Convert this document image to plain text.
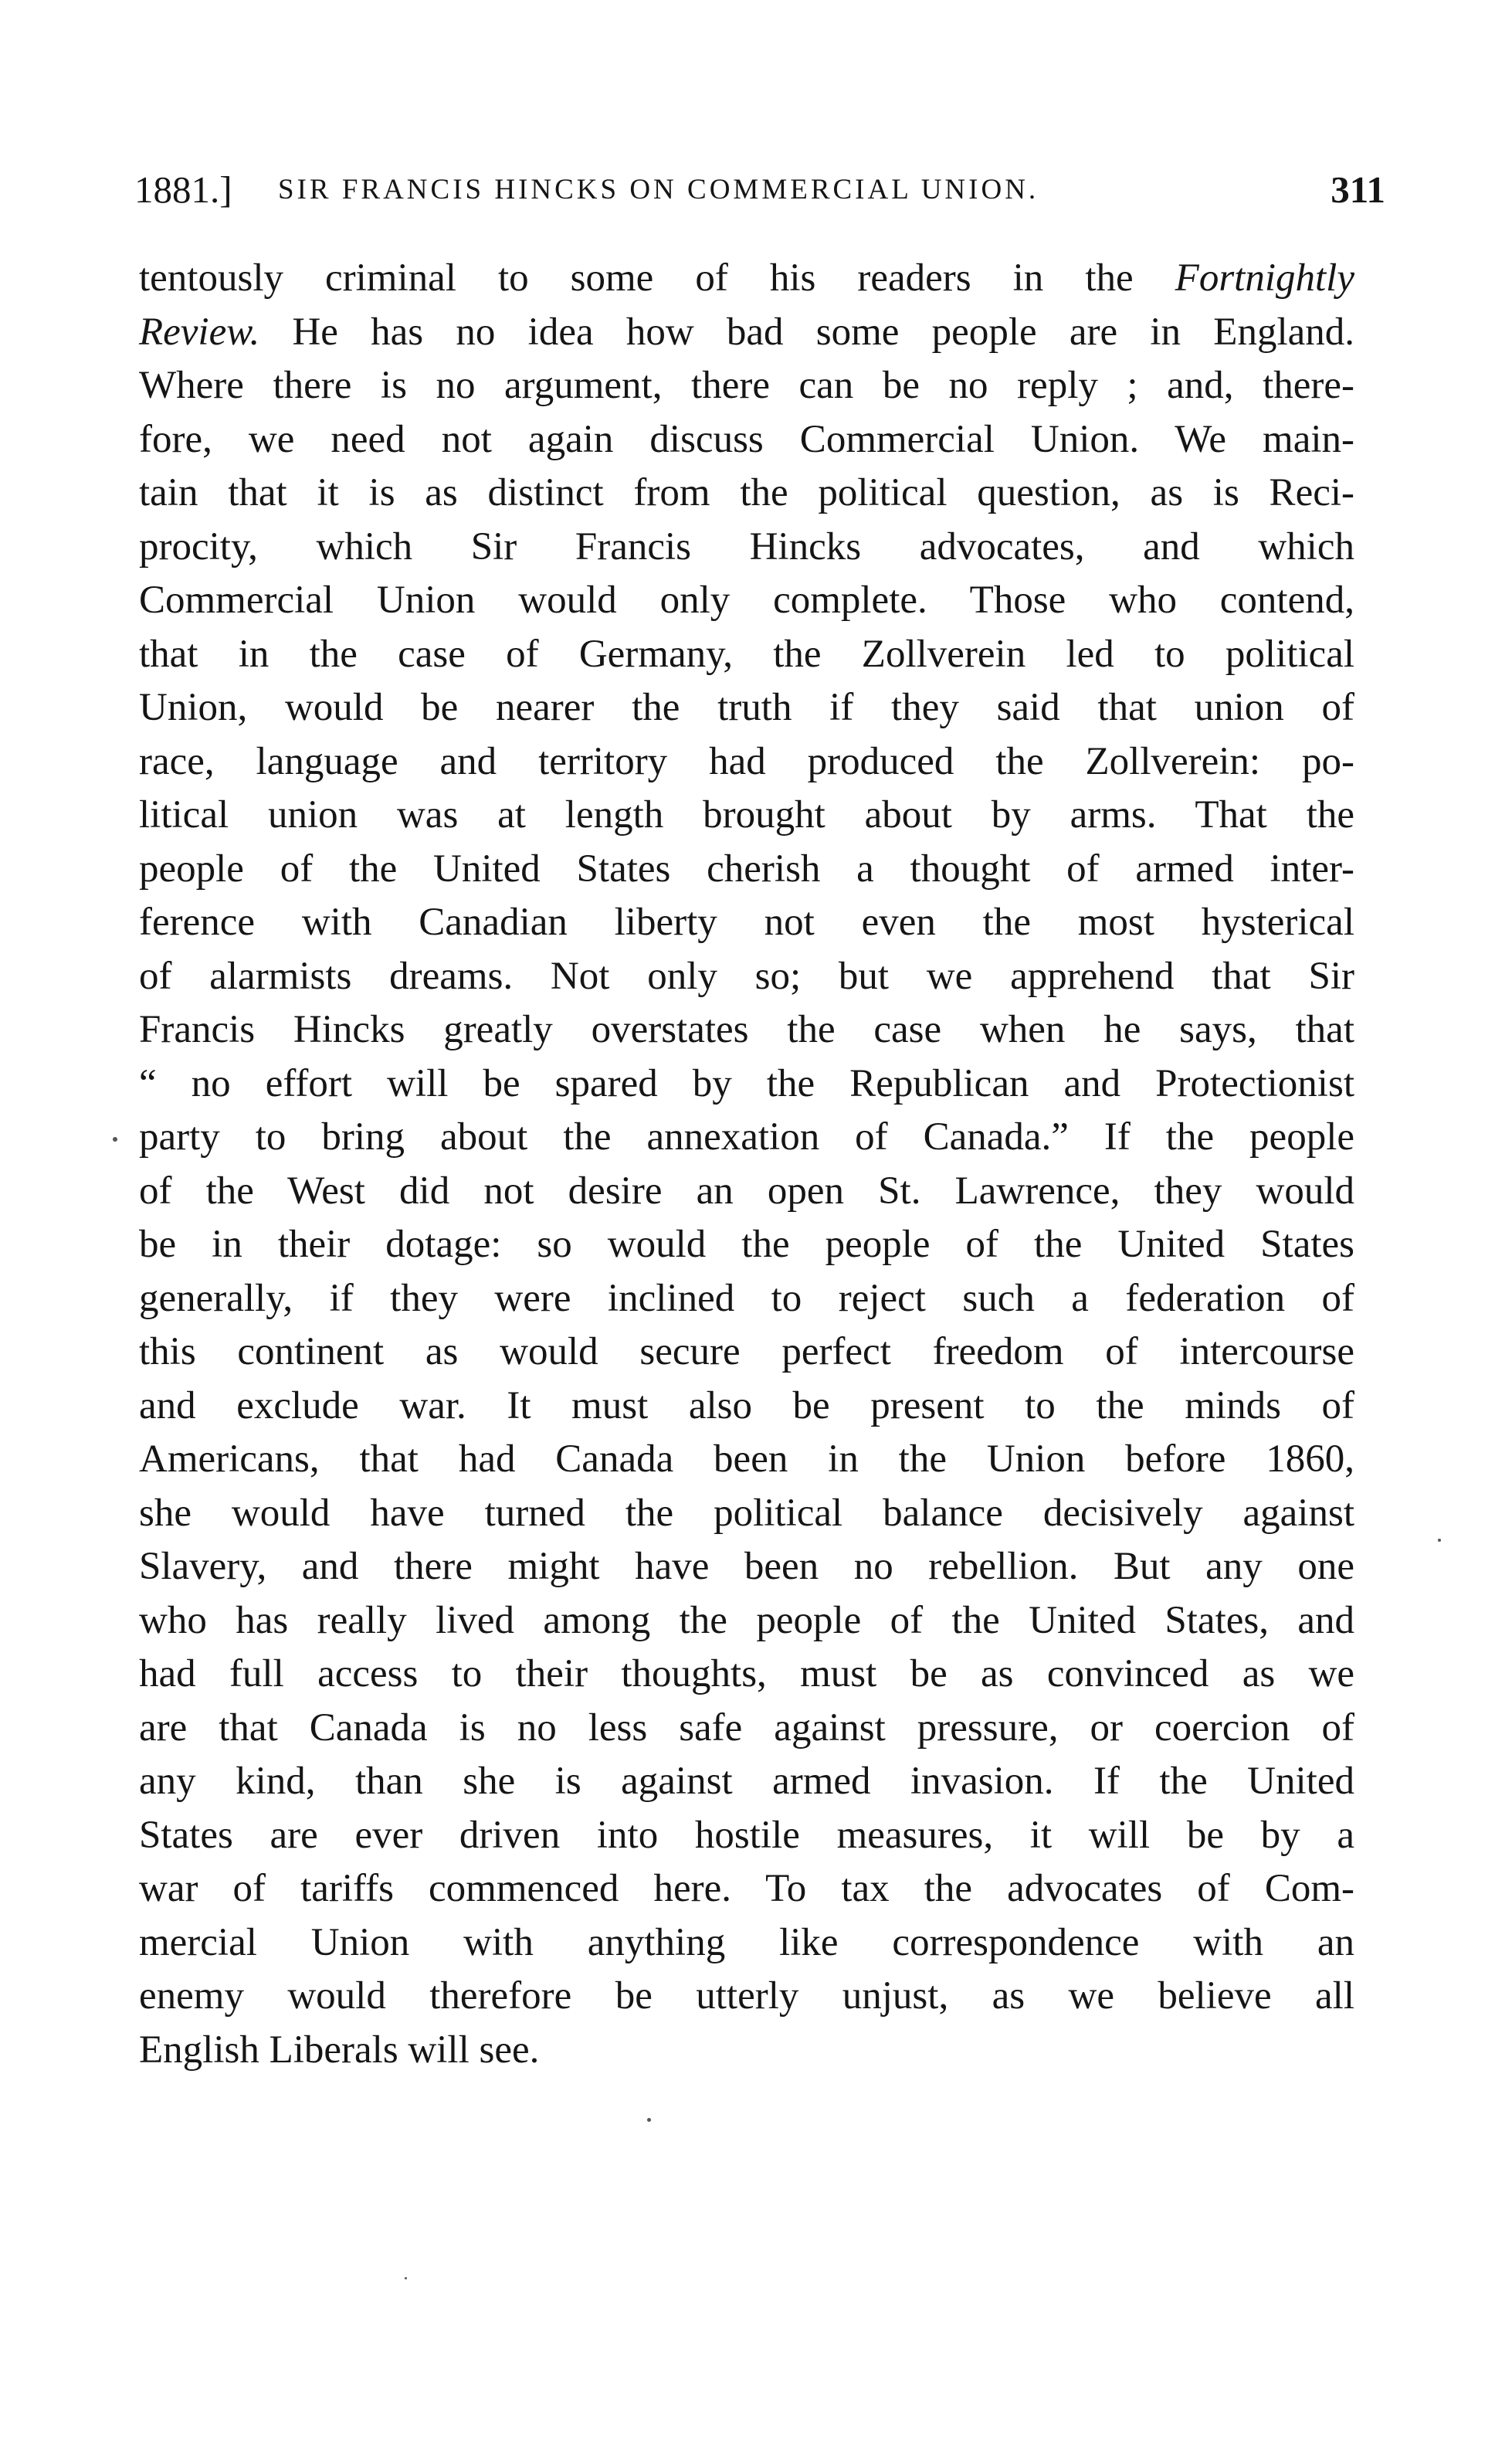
1881.] SIR FRANCIS HINCKS ON COMMERCIAL UNION.	311
tentously criminal to some of his readers in the Fortnightly
Review. He has no idea how bad some people are in England.
Where there is no argument, there can be no reply ; and, there-
fore, we need not again discuss Commercial Union. We main-
tain that it is as distinct from the political question, as is Reci-
procity, which Sir Francis Hincks advocates, and which
Commercial Union would only complete. Those who contend,
that in the case of Germany, the Zollverein led to political
Union, would be nearer the truth if they said that union of
race, language and territory had produced the Zollverein: po-
litical union was at length brought about by arms. That the
people of the United States cherish a thought of armed inter-
ference with Canadian liberty not even the most hysterical
of alarmists dreams. Not only so; but we apprehend that Sir
Francis Hincks greatly overstates the case when he says, that
“ no effort will be spared by the Republican and Protectionist
party to bring about the annexation of Canada.” If the people
of the West did not desire an open St. Lawrence, they would
be in their dotage: so would the people of the United States
generally, if they were inclined to reject such a federation of
this continent as would secure perfect freedom of intercourse
and exclude war. It must also be present to the minds of
Americans, that had Canada been in the Union before 1860,
she would have turned the political balance decisively against
Slavery, and there might have been no rebellion. But any one
who has really lived among the people of the United States, and
had full access to their thoughts, must be as convinced as we
are that Canada is no less safe against pressure, or coercion of
any kind, than she is against armed invasion. If the United
States are ever driven into hostile measures, it will be by a
war of tariffs commenced here. To tax the advocates of Com-
mercial Union with anything like correspondence with an
enemy would therefore be utterly unjust, as we believe all
English Liberals will see.
